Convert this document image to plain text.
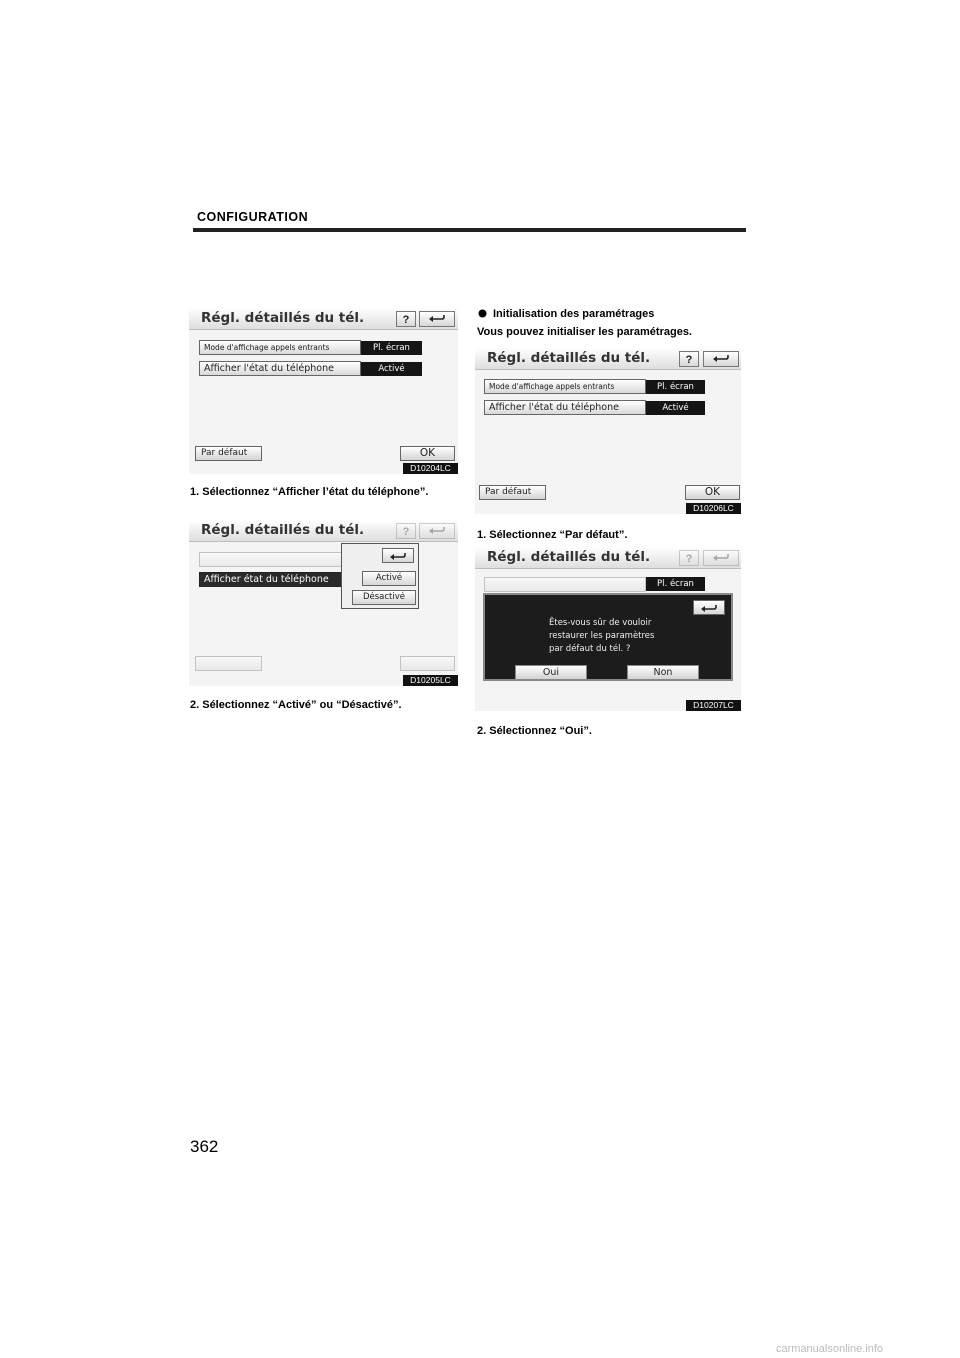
CONFIGURATION
Régl. détaillés du tél.	?
Mode d'affichage appels entrants	Pl. écran
Afficher l'état du téléphone	Activé
Par défaut	OK
D10204LC
1. Sélectionnez “Afficher l’état du téléphone”.
Régl. détaillés du tél.	?
Afficher état du téléphone	Activé
Désactivé
D10205LC
2. Sélectionnez “Activé” ou “Désactivé”.
Initialisation des paramétrages
Vous pouvez initialiser les paramétrages.
Régl. détaillés du tél.	?
Mode d'affichage appels entrants	Pl. écran
Afficher l'état du téléphone	Activé
Par défaut	OK
D10206LC
1. Sélectionnez “Par défaut”.
Régl. détaillés du tél.	?
Pl. écran
Êtes-vous sûr de vouloir
restaurer les paramètres
par défaut du tél. ?
Oui	Non
D10207LC
2. Sélectionnez “Oui”.
362
carmanualsonline.info
